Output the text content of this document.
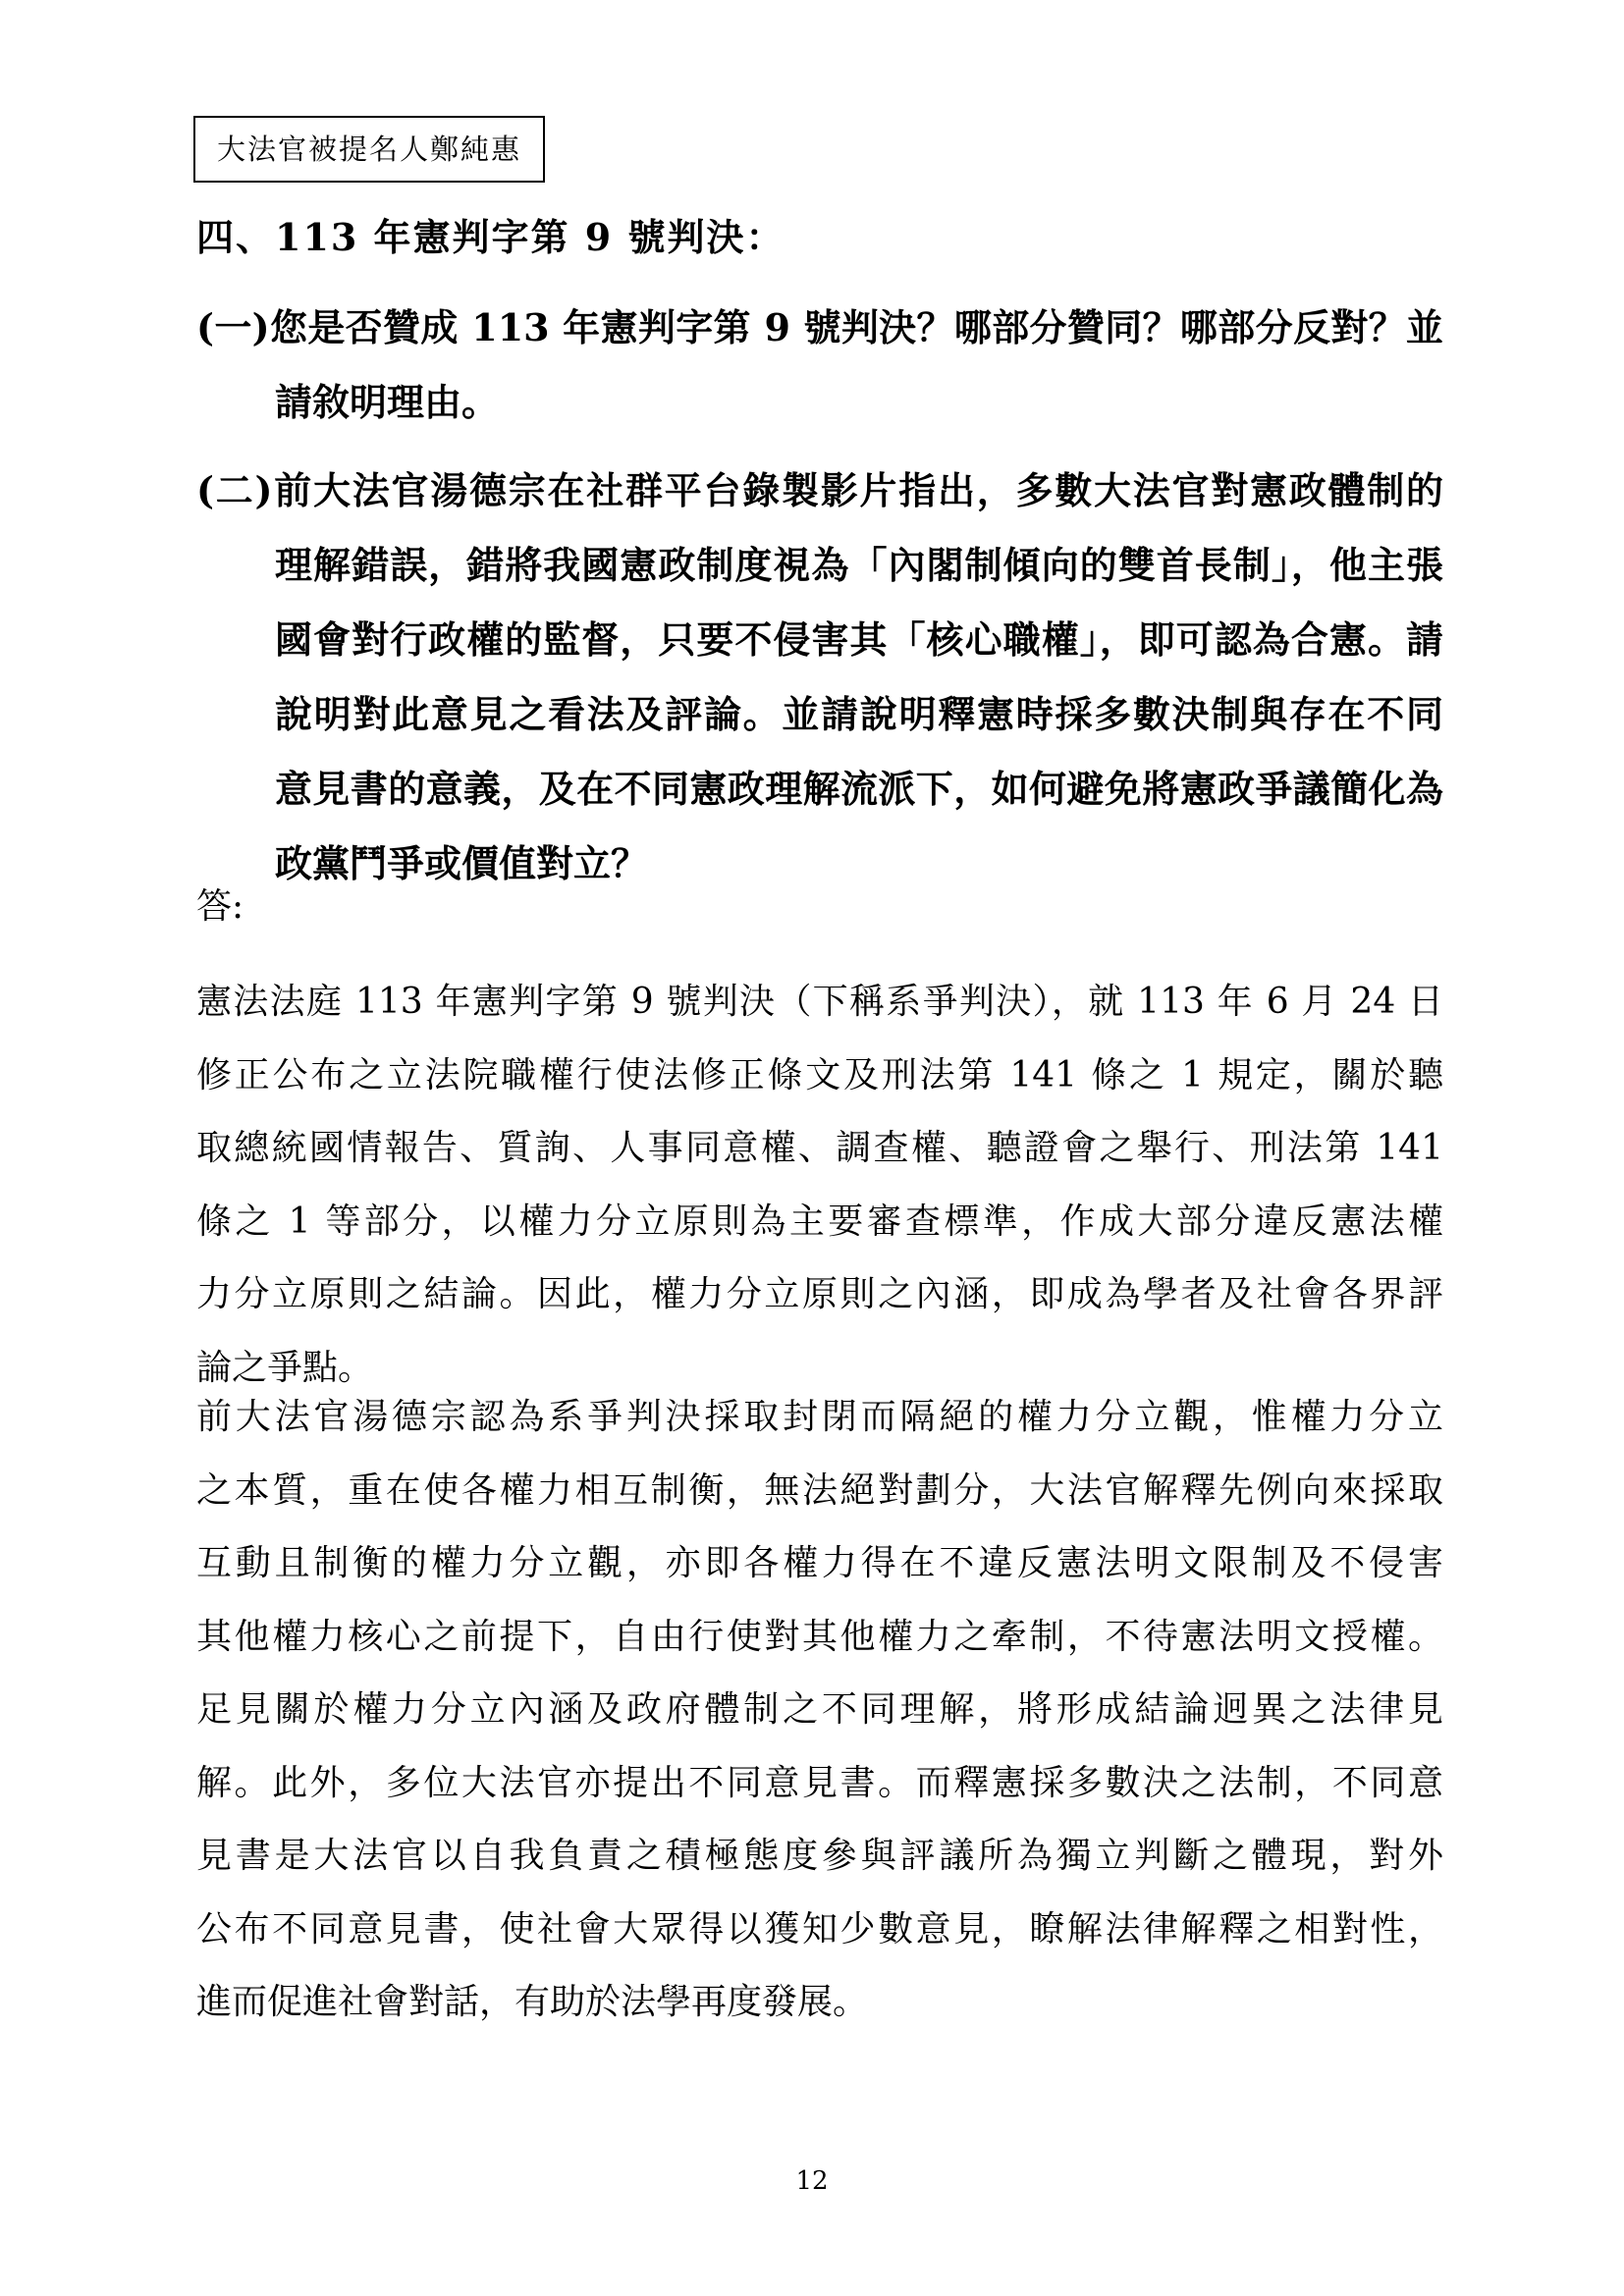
大法官被提名人鄭純惠
四、113 年憲判字第 9 號判決：
(一)您是否贊成 113 年憲判字第 9 號判決？哪部分贊同？哪部分反對？並
請敘明理由。
(二)前大法官湯德宗在社群平台錄製影片指出，多數大法官對憲政體制的
理解錯誤，錯將我國憲政制度視為「內閣制傾向的雙首長制」，他主張
國會對行政權的監督，只要不侵害其「核心職權」，即可認為合憲。請
說明對此意見之看法及評論。並請說明釋憲時採多數決制與存在不同
意見書的意義，及在不同憲政理解流派下，如何避免將憲政爭議簡化為
政黨鬥爭或價值對立？
答:
憲法法庭 113 年憲判字第 9 號判決（下稱系爭判決），就 113 年 6 月 24 日
修正公布之立法院職權行使法修正條文及刑法第 141 條之 1 規定，關於聽
取總統國情報告、質詢、人事同意權、調查權、聽證會之舉行、刑法第 141
條之 1 等部分，以權力分立原則為主要審查標準，作成大部分違反憲法權
力分立原則之結論。因此，權力分立原則之內涵，即成為學者及社會各界評
論之爭點。
前大法官湯德宗認為系爭判決採取封閉而隔絕的權力分立觀，惟權力分立
之本質，重在使各權力相互制衡，無法絕對劃分，大法官解釋先例向來採取
互動且制衡的權力分立觀，亦即各權力得在不違反憲法明文限制及不侵害
其他權力核心之前提下，自由行使對其他權力之牽制，不待憲法明文授權。
足見關於權力分立內涵及政府體制之不同理解，將形成結論迥異之法律見
解。此外，多位大法官亦提出不同意見書。而釋憲採多數決之法制，不同意
見書是大法官以自我負責之積極態度參與評議所為獨立判斷之體現，對外
公布不同意見書，使社會大眾得以獲知少數意見，瞭解法律解釋之相對性，
進而促進社會對話，有助於法學再度發展。
12
